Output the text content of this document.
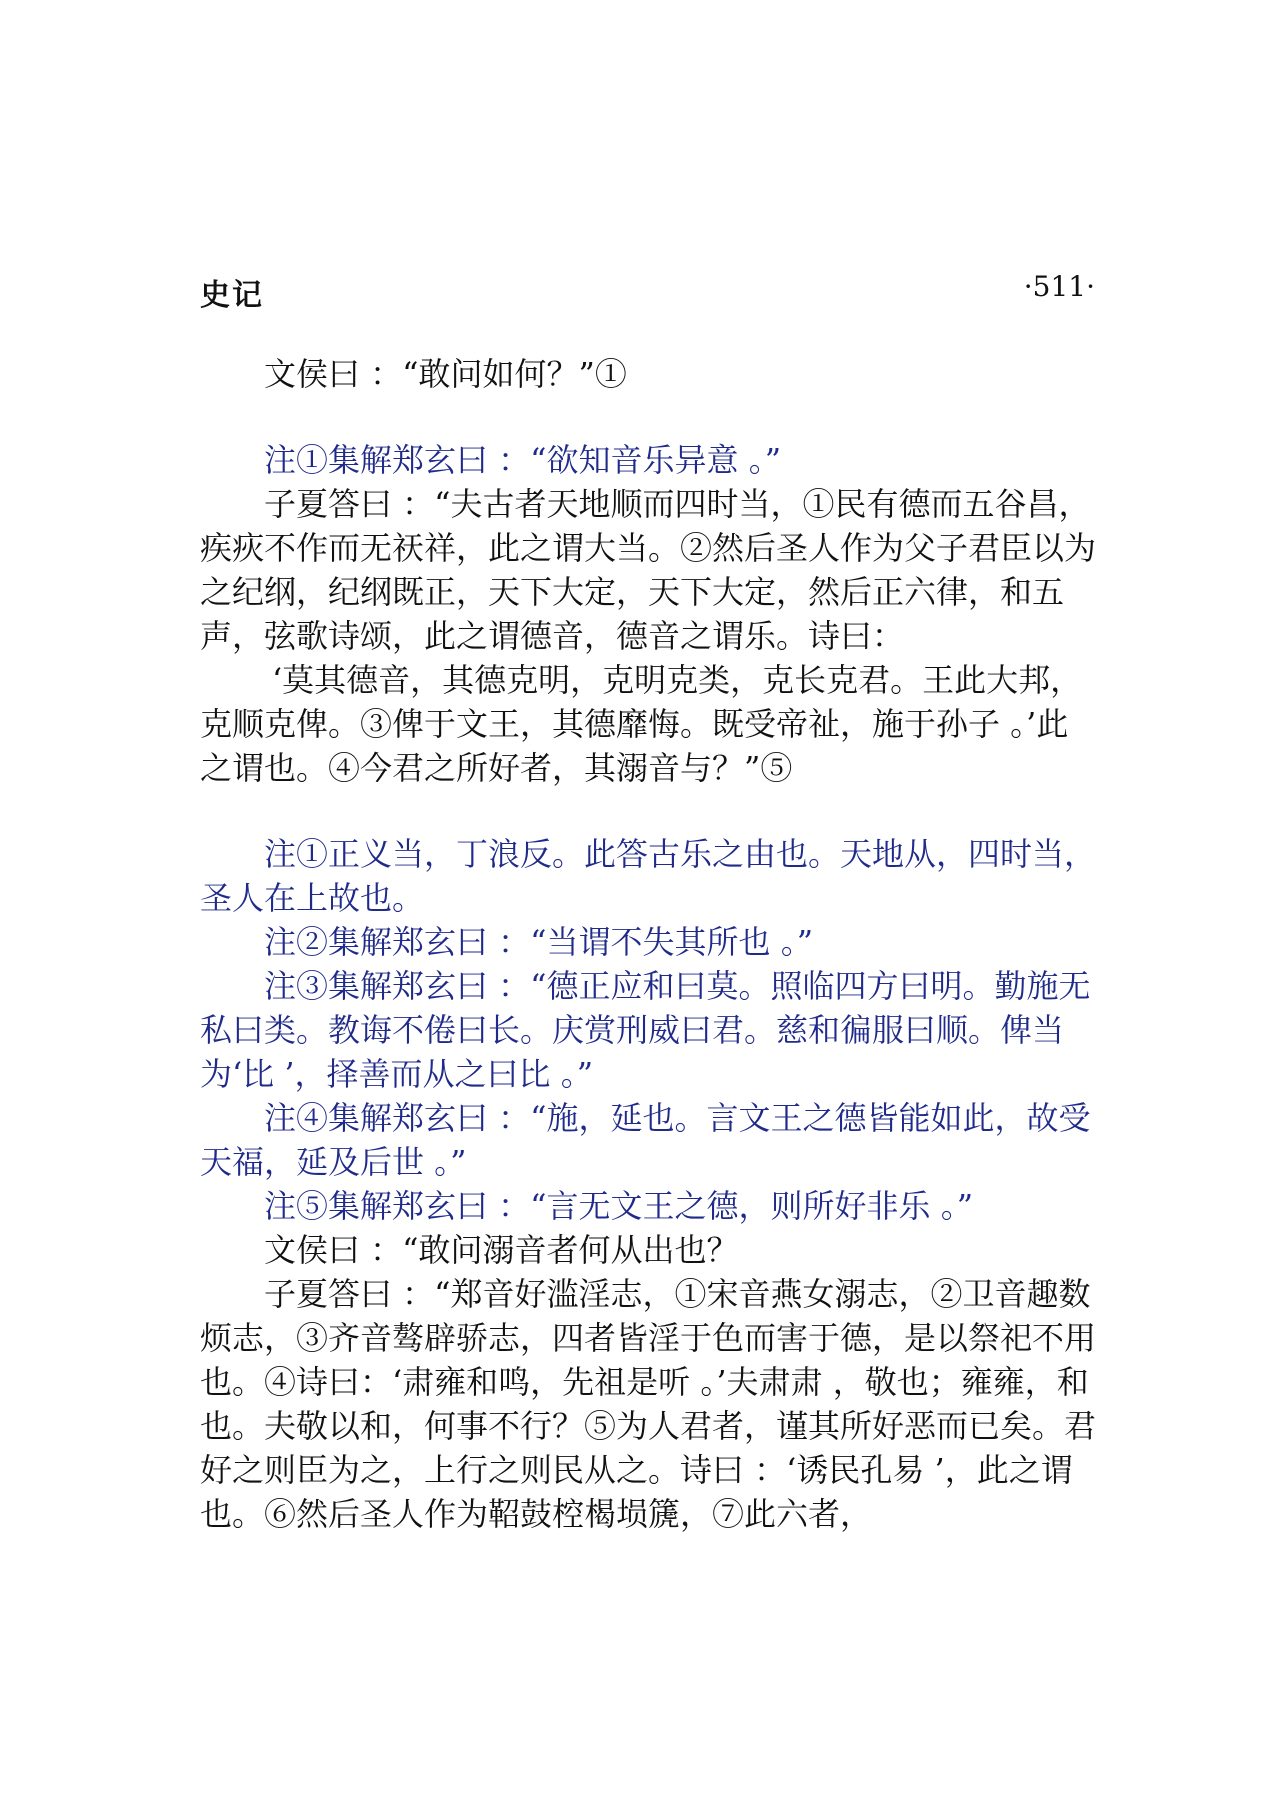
史记	·511·

文侯曰 ：“敢问如何？”①

注①集解郑玄曰 ：“欲知音乐异意 。”

子夏答曰 ：“夫古者天地顺而四时当，①民有德而五谷昌，疾疢不作而无祆祥，此之谓大当。②然后圣人作为父子君臣以为之纪纲，纪纲既正，天下大定，天下大定，然后正六律，和五声，弦歌诗颂，此之谓德音，德音之谓乐。诗曰：

‘莫其德音，其德克明，克明克类，克长克君。王此大邦，克顺克俾。③俾于文王，其德靡悔。既受帝祉，施于孙子 。’此之谓也。④今君之所好者，其溺音与？”⑤

注①正义当，丁浪反。此答古乐之由也。天地从，四时当，圣人在上故也。

注②集解郑玄曰 ：“当谓不失其所也 。”

注③集解郑玄曰 ：“德正应和曰莫。照临四方曰明。勤施无私曰类。教诲不倦曰长。庆赏刑威曰君。慈和徧服曰顺。俾当为‘比 ’，择善而从之曰比 。”

注④集解郑玄曰 ：“施，延也。言文王之德皆能如此，故受天福，延及后世 。”

注⑤集解郑玄曰 ：“言无文王之德，则所好非乐 。”

文侯曰 ：“敢问溺音者何从出也？

子夏答曰 ：“郑音好滥淫志，①宋音燕女溺志，②卫音趣数烦志，③齐音骜辟骄志，四者皆淫于色而害于德，是以祭祀不用也。④诗曰：‘肃雍和鸣，先祖是听 。’夫肃肃 ，敬也；雍雍，和也。夫敬以和，何事不行？⑤为人君者，谨其所好恶而已矣。君好之则臣为之，上行之则民从之。诗曰 ：‘诱民孔易 ’，此之谓也。⑥然后圣人作为鞀鼓椌楬埙篪，⑦此六者，
